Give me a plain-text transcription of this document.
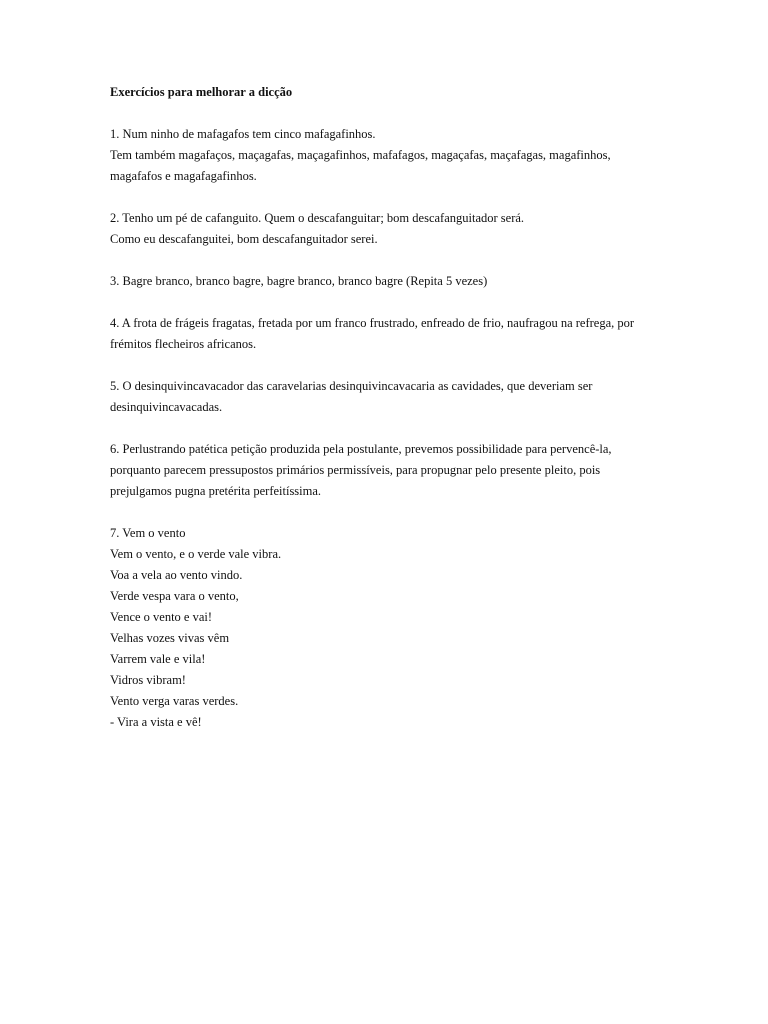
Exercícios para melhorar a dicção

1. Num ninho de mafagafos tem cinco mafagafinhos.

Tem também magafaços, maçagafas, maçagafinhos, mafafagos, magaçafas, maçafagas, magafinhos,

magafafos e magafagafinhos.

2. Tenho um pé de cafanguito. Quem o descafanguitar; bom descafanguitador será.

Como eu descafanguitei, bom descafanguitador serei.

3. Bagre branco, branco bagre, bagre branco, branco bagre (Repita 5 vezes)

4. A frota de frágeis fragatas, fretada por um franco frustrado, enfreado de frio, naufragou na refrega, por

frémitos flecheiros africanos.

5. O desinquivincavacador das caravelarias desinquivincavacaria as cavidades, que deveriam ser

desinquivincavacadas.

6. Perlustrando patética petição produzida pela postulante, prevemos possibilidade para pervencê-la,

porquanto parecem pressupostos primários permissíveis, para propugnar pelo presente pleito, pois

prejulgamos pugna pretérita perfeitíssima.

7. Vem o vento

Vem o vento, e o verde vale vibra.

Voa a vela ao vento vindo.

Verde vespa vara o vento,

Vence o vento e vai!

Velhas vozes vivas vêm

Varrem vale e vila!

Vidros vibram!

Vento verga varas verdes.

- Vira a vista e vê!
